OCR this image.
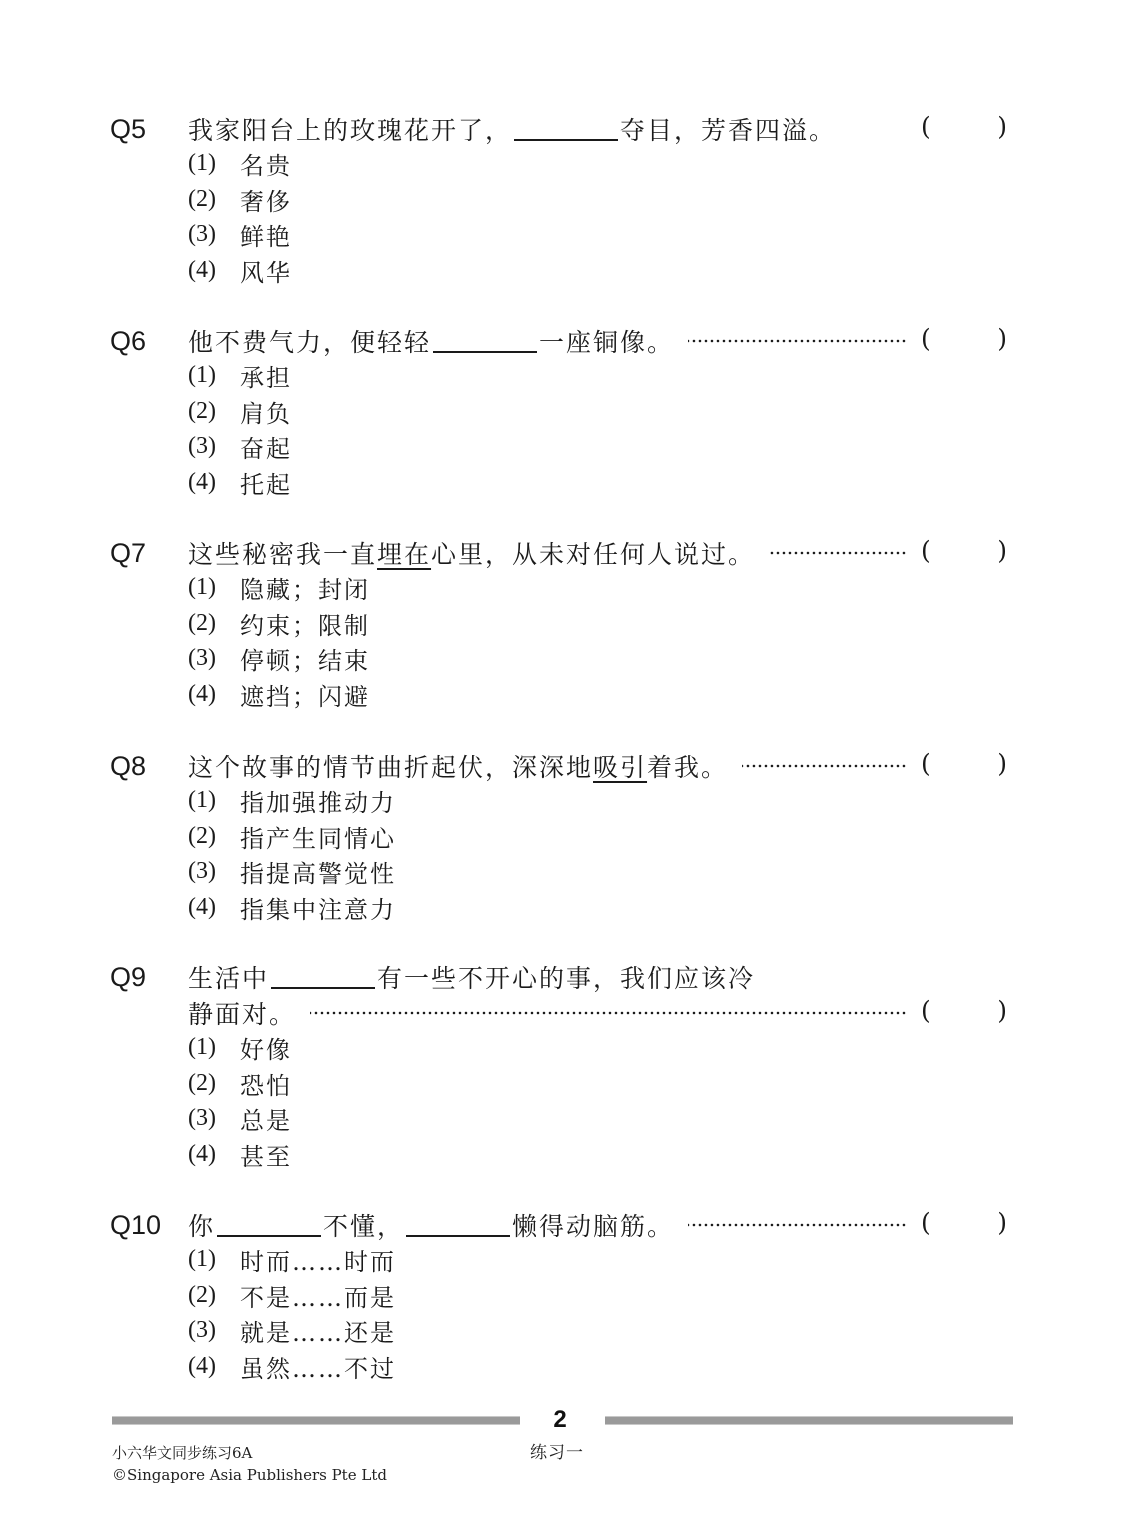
Q5 我家阳台上的玫瑰花开了，	夺目，芳香四溢。	(	)
(1)	名贵
(2)	奢侈
(3)	鲜艳
(4)	风华
Q6 他不费气力，便轻轻	一座铜像。	(	)
(1)	承担
(2)	肩负
(3)	奋起
(4)	托起
Q7 这些秘密我一直 埋在 心里，从未对任何人说过。	(	)
(1)	隐藏；封闭
(2)	约束；限制
(3)	停顿；结束
(4)	遮挡；闪避
Q8 这个故事的情节曲折起伏，深深地 吸引 着我。	(	)
(1)	指加强推动力
(2)	指产生同情心
(3)	指提高警觉性
(4)	指集中注意力
Q9 生活中	有一些不开心的事，我们应该冷
静面对。	(	)
(1)	好像
(2)	恐怕
(3)	总是
(4)	甚至
Q10 你	不懂，	懒得动脑筋。	(	)
(1)	时而……时而
(2)	不是……而是
(3)	就是……还是
(4)	虽然……不过
2
小六华文同步练习6A
©Singapore Asia Publishers Pte Ltd
练习一
